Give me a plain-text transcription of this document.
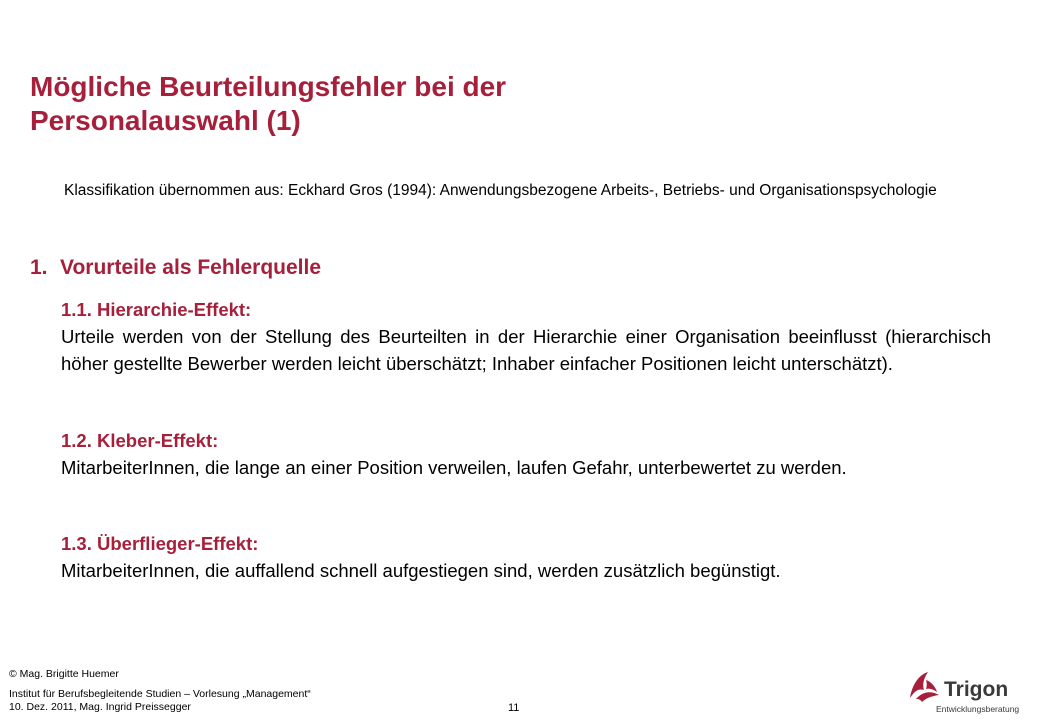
Mögliche Beurteilungsfehler bei der
Personalauswahl (1)
Klassifikation übernommen aus: Eckhard Gros (1994): Anwendungsbezogene Arbeits-, Betriebs- und Organisationspsychologie
1. Vorurteile als Fehlerquelle
1.1. Hierarchie-Effekt:
Urteile werden von der Stellung des Beurteilten in der Hierarchie einer Organisation beeinflusst (hierarchisch höher gestellte Bewerber werden leicht überschätzt; Inhaber einfacher Positionen leicht unterschätzt).
1.2. Kleber-Effekt:
MitarbeiterInnen, die lange an einer Position verweilen, laufen Gefahr, unterbewertet zu werden.
1.3. Überflieger-Effekt:
MitarbeiterInnen, die auffallend schnell aufgestiegen sind, werden zusätzlich begünstigt.
© Mag. Brigitte Huemer
Institut für Berufsbegleitende Studien – Vorlesung „Management“
10. Dez. 2011, Mag. Ingrid Preissegger	11
Trigon
Entwicklungsberatung
